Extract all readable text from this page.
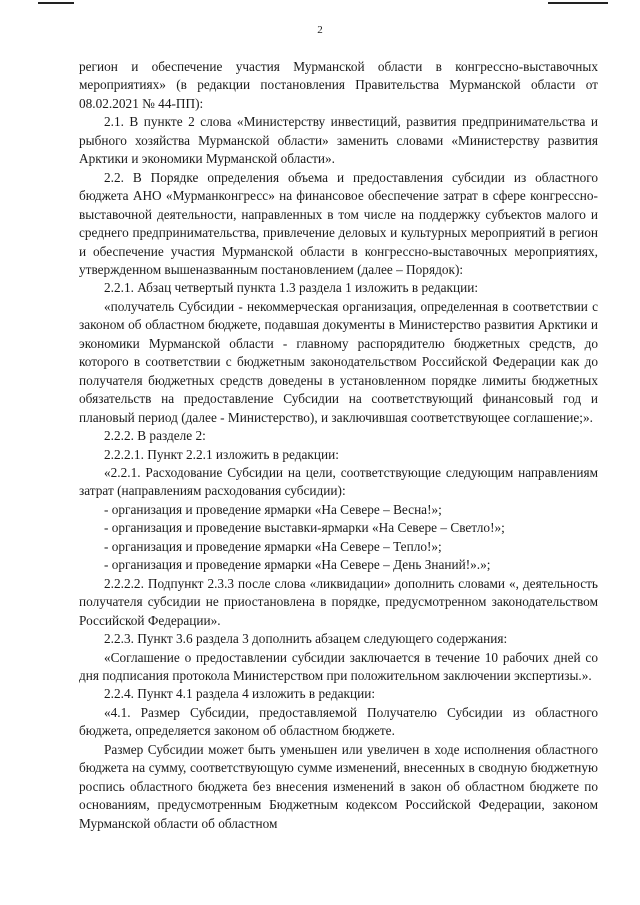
2

регион и обеспечение участия Мурманской области в конгрессно-выставочных мероприятиях» (в редакции постановления Правительства Мурманской области от 08.02.2021 № 44-ПП):

2.1. В пункте 2 слова «Министерству инвестиций, развития предпринимательства и рыбного хозяйства Мурманской области» заменить словами «Министерству развития Арктики и экономики Мурманской области».

2.2. В Порядке определения объема и предоставления субсидии из областного бюджета АНО «Мурманконгресс» на финансовое обеспечение затрат в сфере конгрессно-выставочной деятельности, направленных в том числе на поддержку субъектов малого и среднего предпринимательства, привлечение деловых и культурных мероприятий в регион и обеспечение участия Мурманской области в конгрессно-выставочных мероприятиях, утвержденном вышеназванным постановлением (далее – Порядок):

2.2.1. Абзац четвертый пункта 1.3 раздела 1 изложить в редакции:

«получатель Субсидии - некоммерческая организация, определенная в соответствии с законом об областном бюджете, подавшая документы в Министерство развития Арктики и экономики Мурманской области - главному распорядителю бюджетных средств, до которого в соответствии с бюджетным законодательством Российской Федерации как до получателя бюджетных средств доведены в установленном порядке лимиты бюджетных обязательств на предоставление Субсидии на соответствующий финансовый год и плановый период (далее - Министерство), и заключившая соответствующее соглашение;».

2.2.2. В разделе 2:

2.2.2.1. Пункт 2.2.1 изложить в редакции:

«2.2.1. Расходование Субсидии на цели, соответствующие следующим направлениям затрат (направлениям расходования субсидии):

- организация и проведение ярмарки «На Севере – Весна!»;

- организация и проведение выставки-ярмарки «На Севере – Светло!»;

- организация и проведение ярмарки «На Севере – Тепло!»;

- организация и проведение ярмарки «На Севере – День Знаний!».»;

2.2.2.2. Подпункт 2.3.3 после слова «ликвидации» дополнить словами «, деятельность получателя субсидии не приостановлена в порядке, предусмотренном законодательством Российской Федерации».

2.2.3. Пункт 3.6 раздела 3 дополнить абзацем следующего содержания:

«Соглашение о предоставлении субсидии заключается в течение 10 рабочих дней со дня подписания протокола Министерством при положительном заключении экспертизы.».

2.2.4. Пункт 4.1 раздела 4 изложить в редакции:

«4.1. Размер Субсидии, предоставляемой Получателю Субсидии из областного бюджета, определяется законом об областном бюджете.

Размер Субсидии может быть уменьшен или увеличен в ходе исполнения областного бюджета на сумму, соответствующую сумме изменений, внесенных в сводную бюджетную роспись областного бюджета без внесения изменений в закон об областном бюджете по основаниям, предусмотренным Бюджетным кодексом Российской Федерации, законом Мурманской области об областном
